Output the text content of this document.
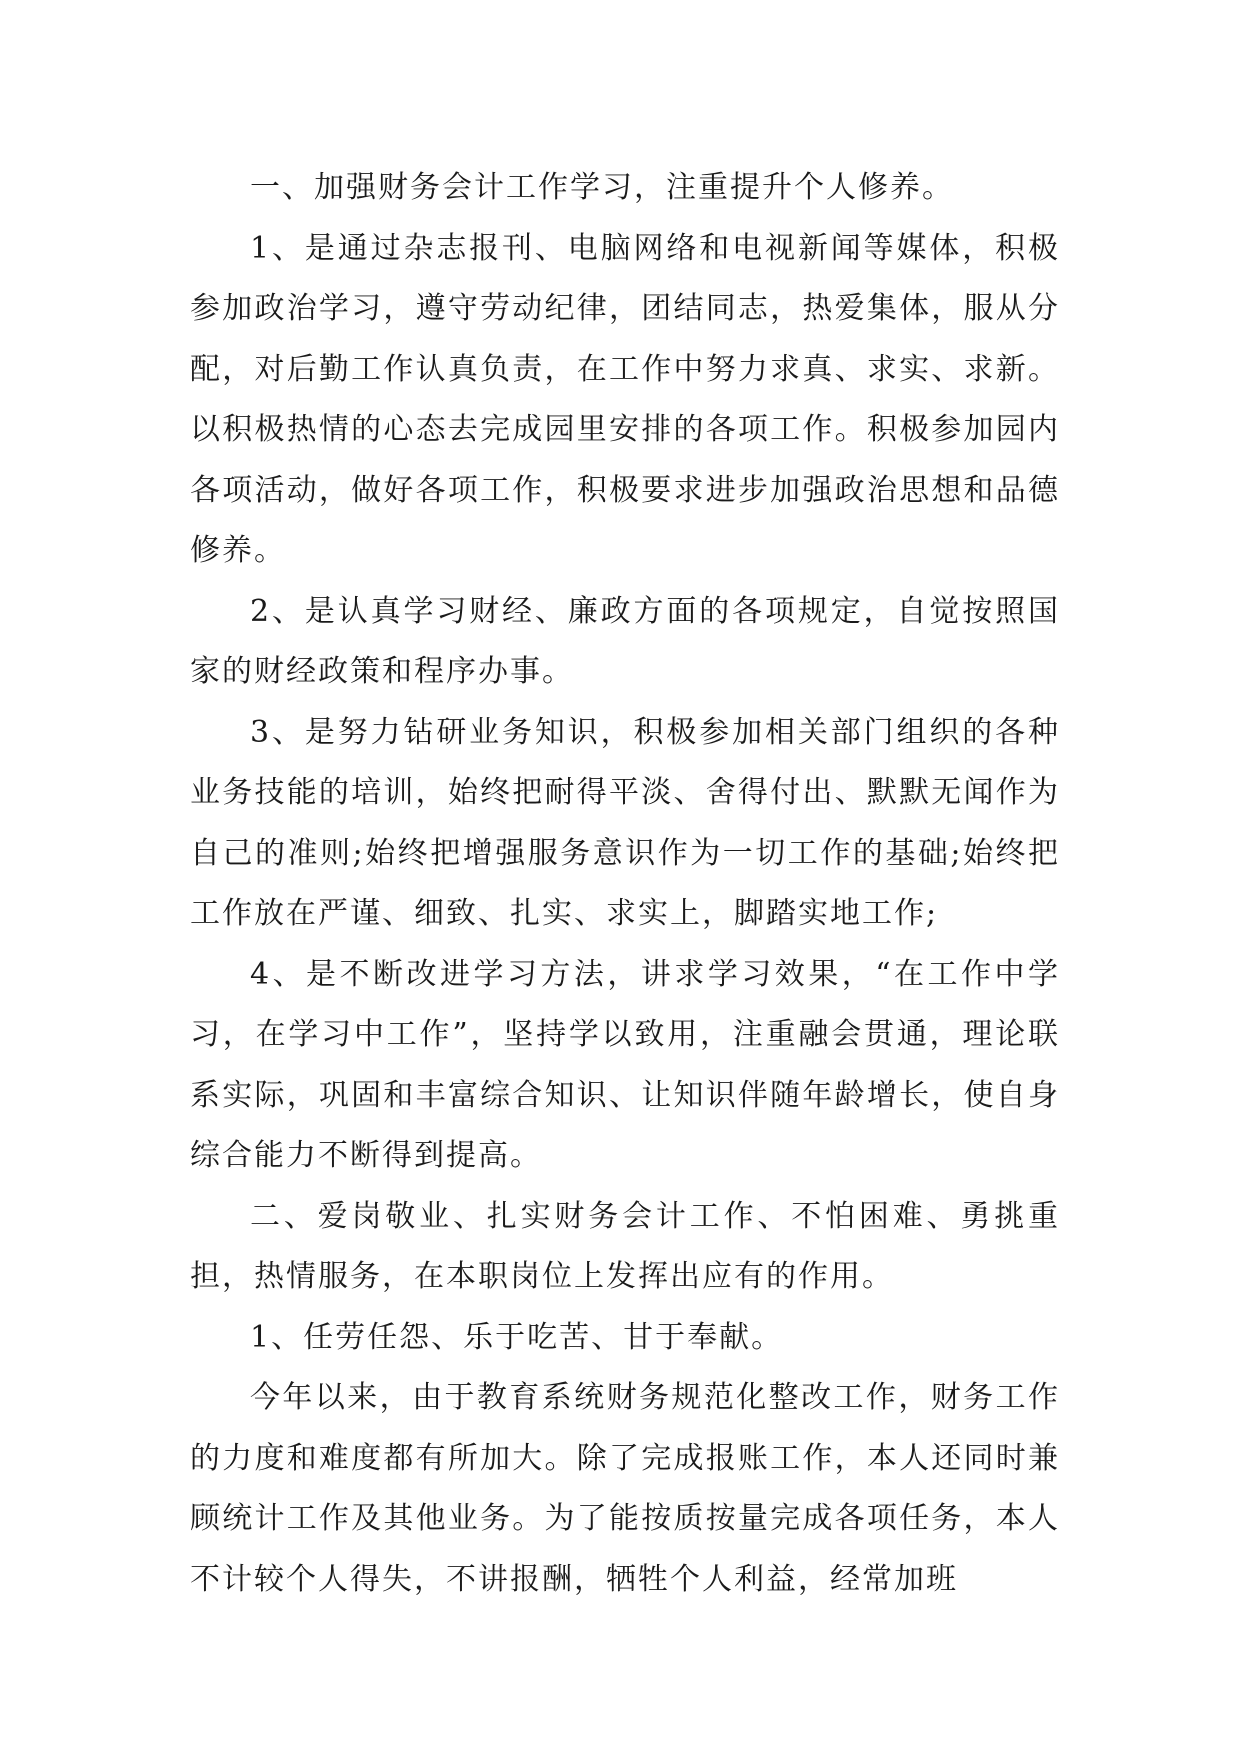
一、加强财务会计工作学习，注重提升个人修养。

1、是通过杂志报刊、电脑网络和电视新闻等媒体，积极参加政治学习，遵守劳动纪律，团结同志，热爱集体，服从分配，对后勤工作认真负责，在工作中努力求真、求实、求新。以积极热情的心态去完成园里安排的各项工作。积极参加园内各项活动，做好各项工作，积极要求进步加强政治思想和品德修养。

2、是认真学习财经、廉政方面的各项规定，自觉按照国家的财经政策和程序办事。

3、是努力钻研业务知识，积极参加相关部门组织的各种业务技能的培训，始终把耐得平淡、舍得付出、默默无闻作为自己的准则;始终把增强服务意识作为一切工作的基础;始终把工作放在严谨、细致、扎实、求实上，脚踏实地工作;

4、是不断改进学习方法，讲求学习效果，“在工作中学习，在学习中工作”，坚持学以致用，注重融会贯通，理论联系实际，巩固和丰富综合知识、让知识伴随年龄增长，使自身综合能力不断得到提高。

二、爱岗敬业、扎实财务会计工作、不怕困难、勇挑重担，热情服务，在本职岗位上发挥出应有的作用。

1、任劳任怨、乐于吃苦、甘于奉献。

今年以来，由于教育系统财务规范化整改工作，财务工作的力度和难度都有所加大。除了完成报账工作，本人还同时兼顾统计工作及其他业务。为了能按质按量完成各项任务，本人不计较个人得失，不讲报酬，牺牲个人利益，经常加班
